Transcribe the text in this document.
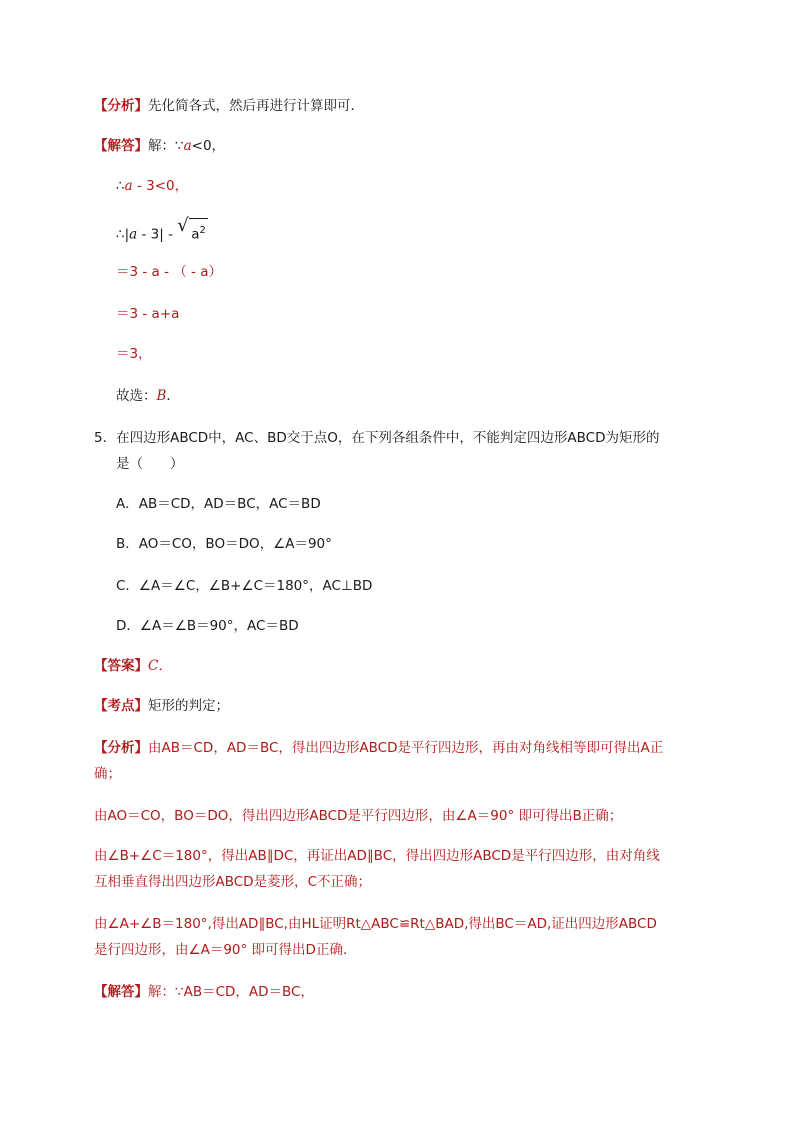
【分析】先化简各式，然后再进行计算即可．
【解答】解：∵a<0，
∴a - 3<0，
∴|a - 3| - √ $a^2$
＝3 - a - （ - a）
＝3 - a+a
＝3，
故选：B．
5．在四边形ABCD中，AC、BD交于点O，在下列各组条件中，不能判定四边形ABCD为矩形的
是（　　）
A．AB＝CD，AD＝BC，AC＝BD
B．AO＝CO，BO＝DO，∠A＝90°
C．∠A＝∠C，∠B+∠C＝180°，AC⊥BD
D．∠A＝∠B＝90°，AC＝BD
【答案】C．
【考点】矩形的判定；
【分析】由AB＝CD，AD＝BC，得出四边形ABCD是平行四边形，再由对角线相等即可得出A正
确；
由AO＝CO，BO＝DO，得出四边形ABCD是平行四边形，由∠A＝90° 即可得出B正确；
由∠B+∠C＝180°，得出AB∥DC，再证出AD∥BC，得出四边形ABCD是平行四边形，由对角线
互相垂直得出四边形ABCD是菱形，C不正确；
由∠A+∠B＝180°,得出AD∥BC,由HL证明Rt△ABC≌Rt△BAD,得出BC＝AD,证出四边形ABCD
是行四边形，由∠A＝90° 即可得出D正确．
【解答】解：∵AB＝CD，AD＝BC，
